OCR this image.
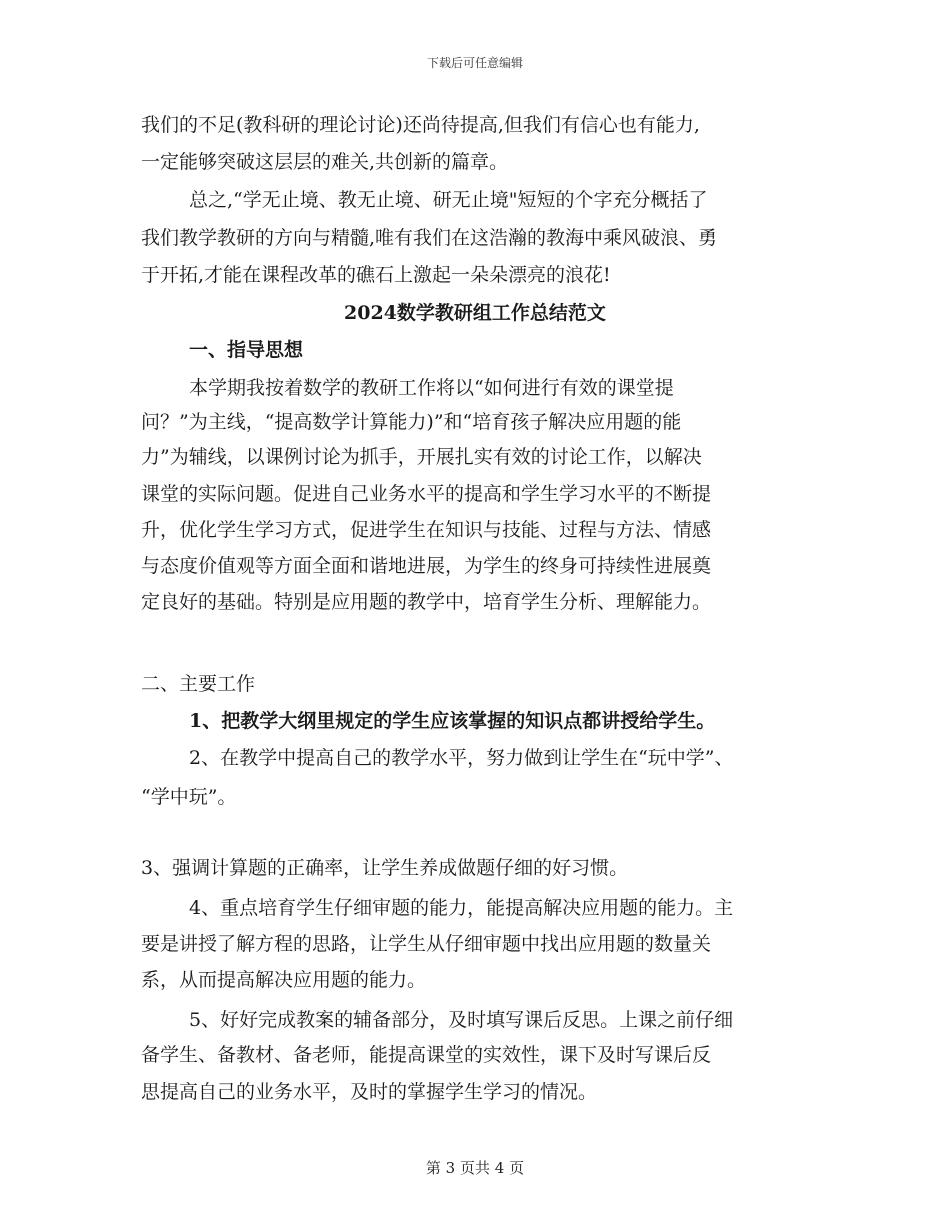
下载后可任意编辑
我们的不足(教科研的理论讨论)还尚待提高,但我们有信心也有能力,
一定能够突破这层层的难关,共创新的篇章。
总之,“学无止境、教无止境、研无止境"短短的个字充分概括了
我们教学教研的方向与精髓,唯有我们在这浩瀚的教海中乘风破浪、勇
于开拓,才能在课程改革的礁石上激起一朵朵漂亮的浪花!
2024数学教研组工作总结范文
一、指导思想
本学期我按着数学的教研工作将以“如何进行有效的课堂提
问？”为主线，“提高数学计算能力)”和“培育孩子解决应用题的能
力”为辅线，以课例讨论为抓手，开展扎实有效的讨论工作，以解决
课堂的实际问题。促进自己业务水平的提高和学生学习水平的不断提
升，优化学生学习方式，促进学生在知识与技能、过程与方法、情感
与态度价值观等方面全面和谐地进展，为学生的终身可持续性进展奠
定良好的基础。特别是应用题的教学中，培育学生分析、理解能力。
二、主要工作
1、把教学大纲里规定的学生应该掌握的知识点都讲授给学生。
2、在教学中提高自己的教学水平，努力做到让学生在“玩中学”、
“学中玩”。
3、强调计算题的正确率，让学生养成做题仔细的好习惯。
4、重点培育学生仔细审题的能力，能提高解决应用题的能力。主
要是讲授了解方程的思路，让学生从仔细审题中找出应用题的数量关
系，从而提高解决应用题的能力。
5、好好完成教案的辅备部分，及时填写课后反思。上课之前仔细
备学生、备教材、备老师，能提高课堂的实效性，课下及时写课后反
思提高自己的业务水平，及时的掌握学生学习的情况。
第 3 页共 4 页
